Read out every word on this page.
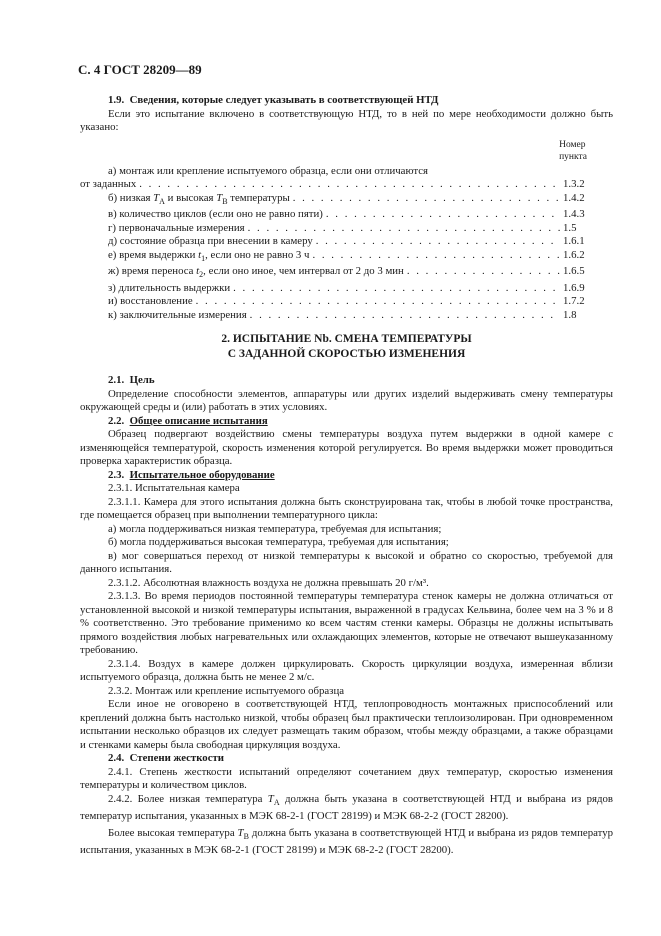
С. 4 ГОСТ 28209—89

1.9. Сведения, которые следует указывать в соответствующей НТД

Если это испытание включено в соответствующую НТД, то в ней по мере необходимости должно быть указано:

Номер
пункта

а) монтаж или крепление испытуемого образца, если они отличаются

от заданных . . .	1.3.2
б) низкая $T_А$ и высокая $T_В$ температуры . . .	1.4.2
в) количество циклов (если оно не равно пяти) . . .	1.4.3
г) первоначальные измерения . . .	1.5
д) состояние образца при внесении в камеру . . .	1.6.1
е) время выдержки $t_1$, если оно не равно 3 ч . . .	1.6.2
ж) время переноса $t_2$, если оно иное, чем интервал от 2 до 3 мин . . .	1.6.5
з) длительность выдержки . . .	1.6.9
и) восстановление . . .	1.7.2
к) заключительные измерения . . .	1.8
2. ИСПЫТАНИЕ Nb. СМЕНА ТЕМПЕРАТУРЫ
С ЗАДАННОЙ СКОРОСТЬЮ ИЗМЕНЕНИЯ

2.1. Цель

Определение способности элементов, аппаратуры или других изделий выдерживать смену температуры окружающей среды и (или) работать в этих условиях.

2.2. Общее описание испытания

Образец подвергают воздействию смены температуры воздуха путем выдержки в одной камере с изменяющейся температурой, скорость изменения которой регулируется. Во время выдержки может проводиться проверка характеристик образца.

2.3. Испытательное оборудование

2.3.1. Испытательная камера

2.3.1.1. Камера для этого испытания должна быть сконструирована так, чтобы в любой точке пространства, где помещается образец при выполнении температурного цикла:

а) могла поддерживаться низкая температура, требуемая для испытания;

б) могла поддерживаться высокая температура, требуемая для испытания;

в) мог совершаться переход от низкой температуры к высокой и обратно со скоростью, требуемой для данного испытания.

2.3.1.2. Абсолютная влажность воздуха не должна превышать 20 г/м³.

2.3.1.3. Во время периодов постоянной температуры температура стенок камеры не должна отличаться от установленной высокой и низкой температуры испытания, выраженной в градусах Кельвина, более чем на 3 % и 8 % соответственно. Это требование применимо ко всем частям стенки камеры. Образцы не должны испытывать прямого воздействия любых нагревательных или охлаждающих элементов, которые не отвечают вышеуказанному требованию.

2.3.1.4. Воздух в камере должен циркулировать. Скорость циркуляции воздуха, измеренная вблизи испытуемого образца, должна быть не менее 2 м/с.

2.3.2. Монтаж или крепление испытуемого образца

Если иное не оговорено в соответствующей НТД, теплопроводность монтажных приспособлений или креплений должна быть настолько низкой, чтобы образец был практически теплоизолирован. При одновременном испытании несколько образцов их следует размещать таким образом, чтобы между образцами, а также образцами и стенками камеры была свободная циркуляция воздуха.

2.4. Степени жесткости

2.4.1. Степень жесткости испытаний определяют сочетанием двух температур, скоростью изменения температуры и количеством циклов.

2.4.2. Более низкая температура $T_А$ должна быть указана в соответствующей НТД и выбрана из рядов температур испытания, указанных в МЭК 68-2-1 (ГОСТ 28199) и МЭК 68-2-2 (ГОСТ 28200).

Более высокая температура $T_В$ должна быть указана в соответствующей НТД и выбрана из рядов температур испытания, указанных в МЭК 68-2-1 (ГОСТ 28199) и МЭК 68-2-2 (ГОСТ 28200).
